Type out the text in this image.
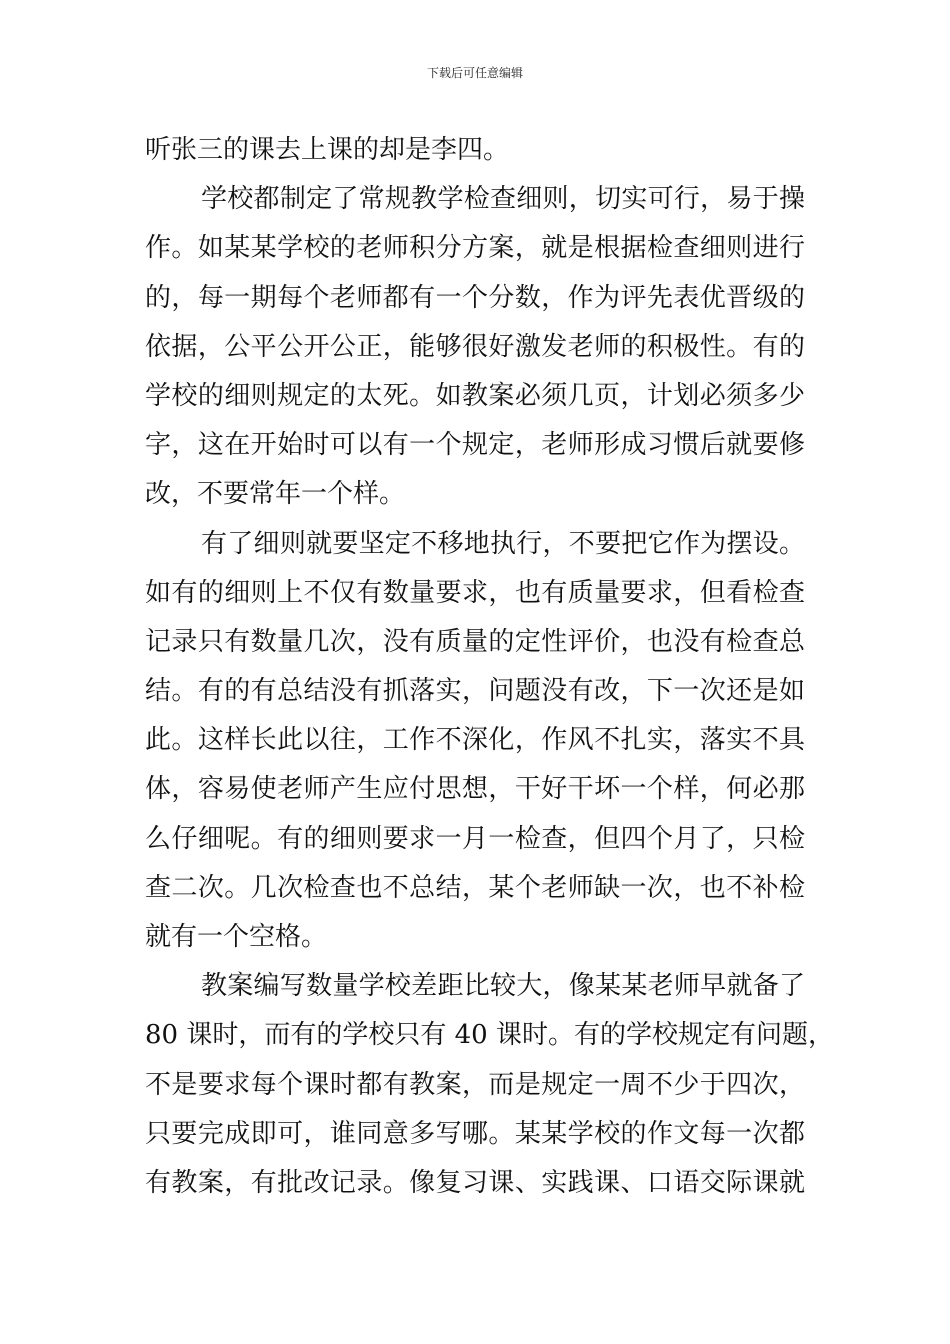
下载后可任意编辑
听张三的课去上课的却是李四。
学校都制定了常规教学检查细则，切实可行，易于操
作。如某某学校的老师积分方案，就是根据检查细则进行
的，每一期每个老师都有一个分数，作为评先表优晋级的
依据，公平公开公正，能够很好激发老师的积极性。有的
学校的细则规定的太死。如教案必须几页，计划必须多少
字，这在开始时可以有一个规定，老师形成习惯后就要修
改，不要常年一个样。
有了细则就要坚定不移地执行，不要把它作为摆设。
如有的细则上不仅有数量要求，也有质量要求，但看检查
记录只有数量几次，没有质量的定性评价，也没有检查总
结。有的有总结没有抓落实，问题没有改，下一次还是如
此。这样长此以往，工作不深化，作风不扎实，落实不具
体，容易使老师产生应付思想，干好干坏一个样，何必那
么仔细呢。有的细则要求一月一检查，但四个月了，只检
查二次。几次检查也不总结，某个老师缺一次，也不补检
就有一个空格。
教案编写数量学校差距比较大，像某某老师早就备了
80 课时，而有的学校只有 40 课时。有的学校规定有问题，
不是要求每个课时都有教案，而是规定一周不少于四次，
只要完成即可，谁同意多写哪。某某学校的作文每一次都
有教案，有批改记录。像复习课、实践课、口语交际课就
